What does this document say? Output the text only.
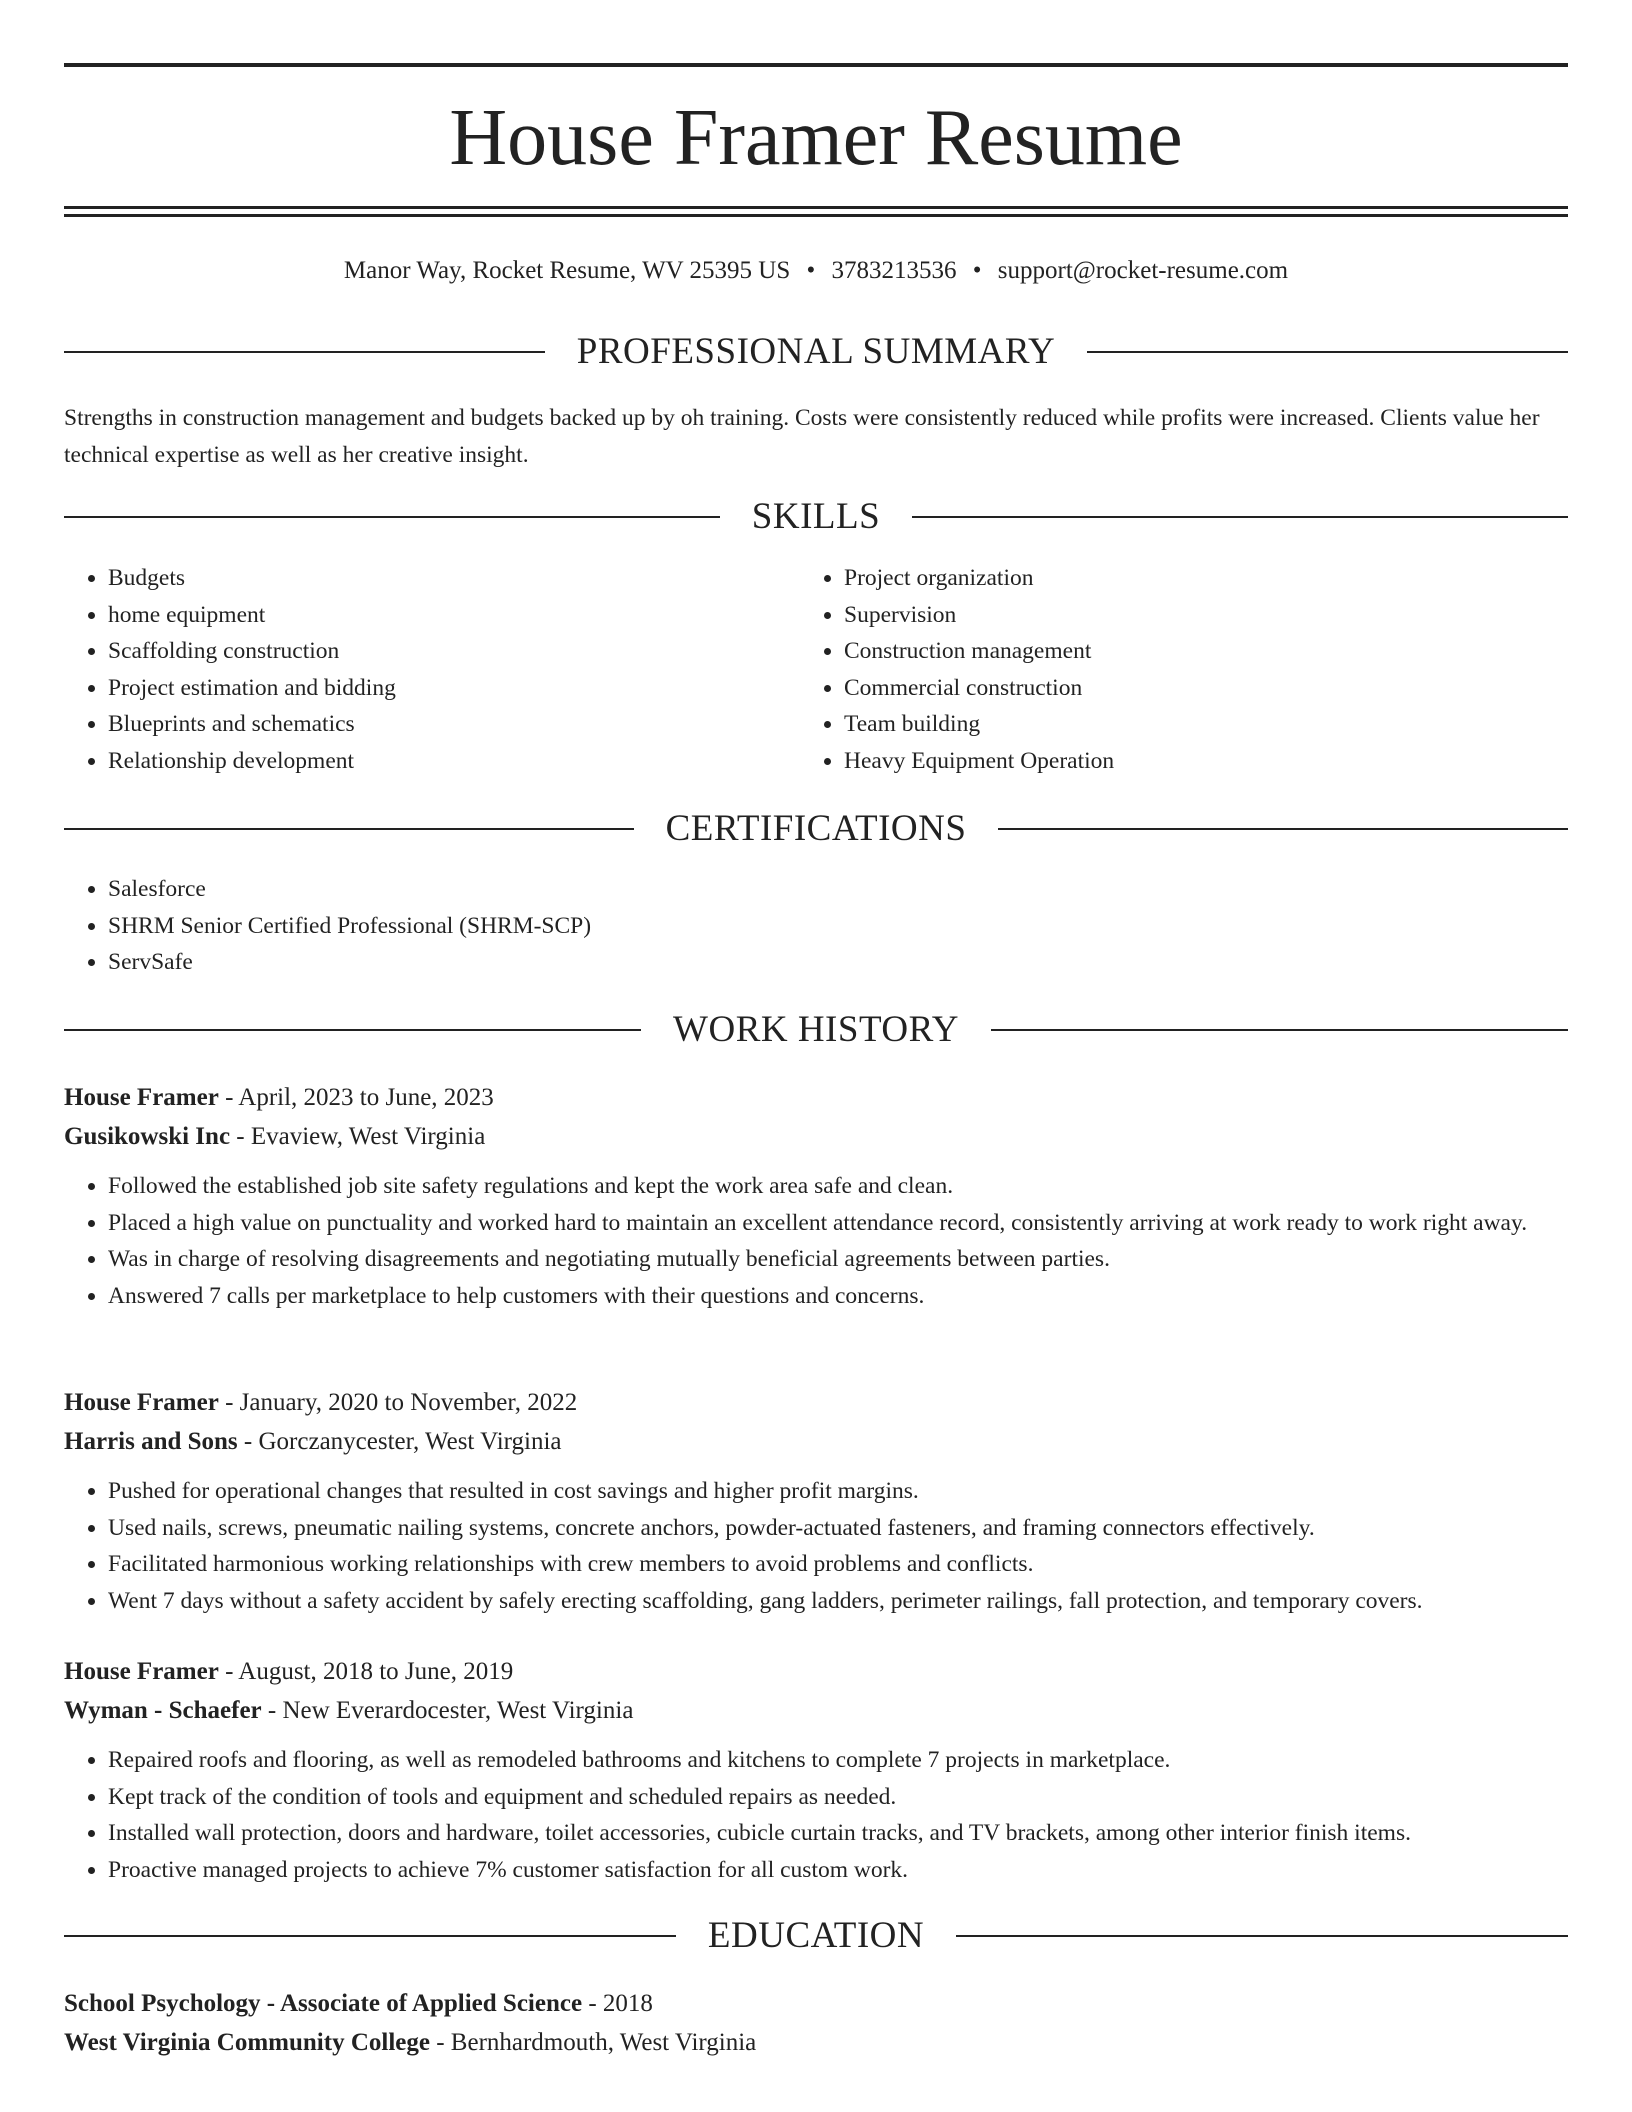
House Framer Resume
Manor Way, Rocket Resume, WV 25395 US • 3783213536 • support@rocket-resume.com
PROFESSIONAL SUMMARY
Strengths in construction management and budgets backed up by oh training. Costs were consistently reduced while profits were increased. Clients value her technical expertise as well as her creative insight.
SKILLS
• Budgets
• home equipment
• Scaffolding construction
• Project estimation and bidding
• Blueprints and schematics
• Relationship development
• Project organization
• Supervision
• Construction management
• Commercial construction
• Team building
• Heavy Equipment Operation
CERTIFICATIONS
• Salesforce
• SHRM Senior Certified Professional (SHRM-SCP)
• ServSafe
WORK HISTORY
House Framer - April, 2023 to June, 2023
Gusikowski Inc - Evaview, West Virginia
• Followed the established job site safety regulations and kept the work area safe and clean.
• Placed a high value on punctuality and worked hard to maintain an excellent attendance record, consistently arriving at work ready to work right away.
• Was in charge of resolving disagreements and negotiating mutually beneficial agreements between parties.
• Answered 7 calls per marketplace to help customers with their questions and concerns.
House Framer - January, 2020 to November, 2022
Harris and Sons - Gorczanycester, West Virginia
• Pushed for operational changes that resulted in cost savings and higher profit margins.
• Used nails, screws, pneumatic nailing systems, concrete anchors, powder-actuated fasteners, and framing connectors effectively.
• Facilitated harmonious working relationships with crew members to avoid problems and conflicts.
• Went 7 days without a safety accident by safely erecting scaffolding, gang ladders, perimeter railings, fall protection, and temporary covers.
House Framer - August, 2018 to June, 2019
Wyman - Schaefer - New Everardocester, West Virginia
• Repaired roofs and flooring, as well as remodeled bathrooms and kitchens to complete 7 projects in marketplace.
• Kept track of the condition of tools and equipment and scheduled repairs as needed.
• Installed wall protection, doors and hardware, toilet accessories, cubicle curtain tracks, and TV brackets, among other interior finish items.
• Proactive managed projects to achieve 7% customer satisfaction for all custom work.
EDUCATION
School Psychology - Associate of Applied Science - 2018
West Virginia Community College - Bernhardmouth, West Virginia
